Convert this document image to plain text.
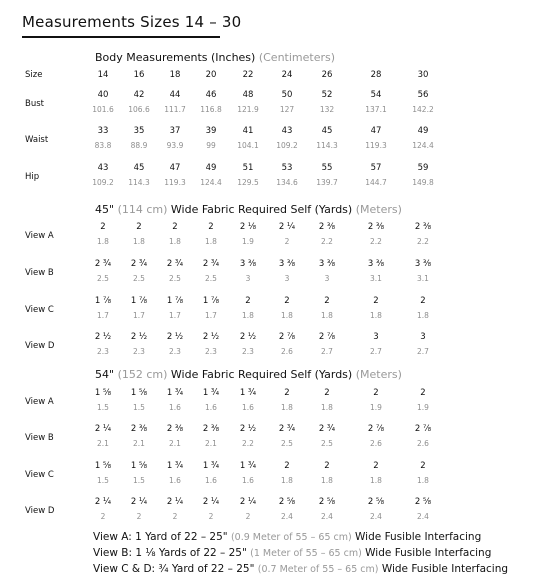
Measurements Sizes 14 – 30
Body Measurements (Inches) (Centimeters)
Size	14	16	18	20	22	24	26	28	30
Bust
40	42	44	46	48	50	52	54	56
101.6	106.6	111.7	116.8	121.9	127	132	137.1	142.2
Waist
33	35	37	39	41	43	45	47	49
83.8	88.9	93.9	99	104.1	109.2	114.3	119.3	124.4
Hip
43	45	47	49	51	53	55	57	59
109.2	114.3	119.3	124.4	129.5	134.6	139.7	144.7	149.8
45" (114 cm) Wide Fabric Required Self (Yards) (Meters)
View A
2	2	2	2	2 ⅛	2 ¼	2 ⅜	2 ⅜	2 ⅜
1.8	1.8	1.8	1.8	1.9	2	2.2	2.2	2.2
View B
2 ¾	2 ¾	2 ¾	2 ¾	3 ⅜	3 ⅜	3 ⅜	3 ⅜	3 ⅜
2.5	2.5	2.5	2.5	3	3	3	3.1	3.1
View C
1 ⅞	1 ⅞	1 ⅞	1 ⅞	2	2	2	2	2
1.7	1.7	1.7	1.7	1.8	1.8	1.8	1.8	1.8
View D
2 ½	2 ½	2 ½	2 ½	2 ½	2 ⅞	2 ⅞	3	3
2.3	2.3	2.3	2.3	2.3	2.6	2.7	2.7	2.7
54" (152 cm) Wide Fabric Required Self (Yards) (Meters)
View A
1 ⅝	1 ⅝	1 ¾	1 ¾	1 ¾	2	2	2	2
1.5	1.5	1.6	1.6	1.6	1.8	1.8	1.9	1.9
View B
2 ¼	2 ⅜	2 ⅜	2 ⅜	2 ½	2 ¾	2 ¾	2 ⅞	2 ⅞
2.1	2.1	2.1	2.1	2.2	2.5	2.5	2.6	2.6
View C
1 ⅝	1 ⅝	1 ¾	1 ¾	1 ¾	2	2	2	2
1.5	1.5	1.6	1.6	1.6	1.8	1.8	1.8	1.8
View D
2 ¼	2 ¼	2 ¼	2 ¼	2 ¼	2 ⅝	2 ⅝	2 ⅝	2 ⅝
2	2	2	2	2	2.4	2.4	2.4	2.4
View A: 1 Yard of 22 – 25" (0.9 Meter of 55 – 65 cm) Wide Fusible Interfacing
View B: 1 ⅛ Yards of 22 – 25" (1 Meter of 55 – 65 cm) Wide Fusible Interfacing
View C & D: ¾ Yard of 22 – 25" (0.7 Meter of 55 – 65 cm) Wide Fusible Interfacing
